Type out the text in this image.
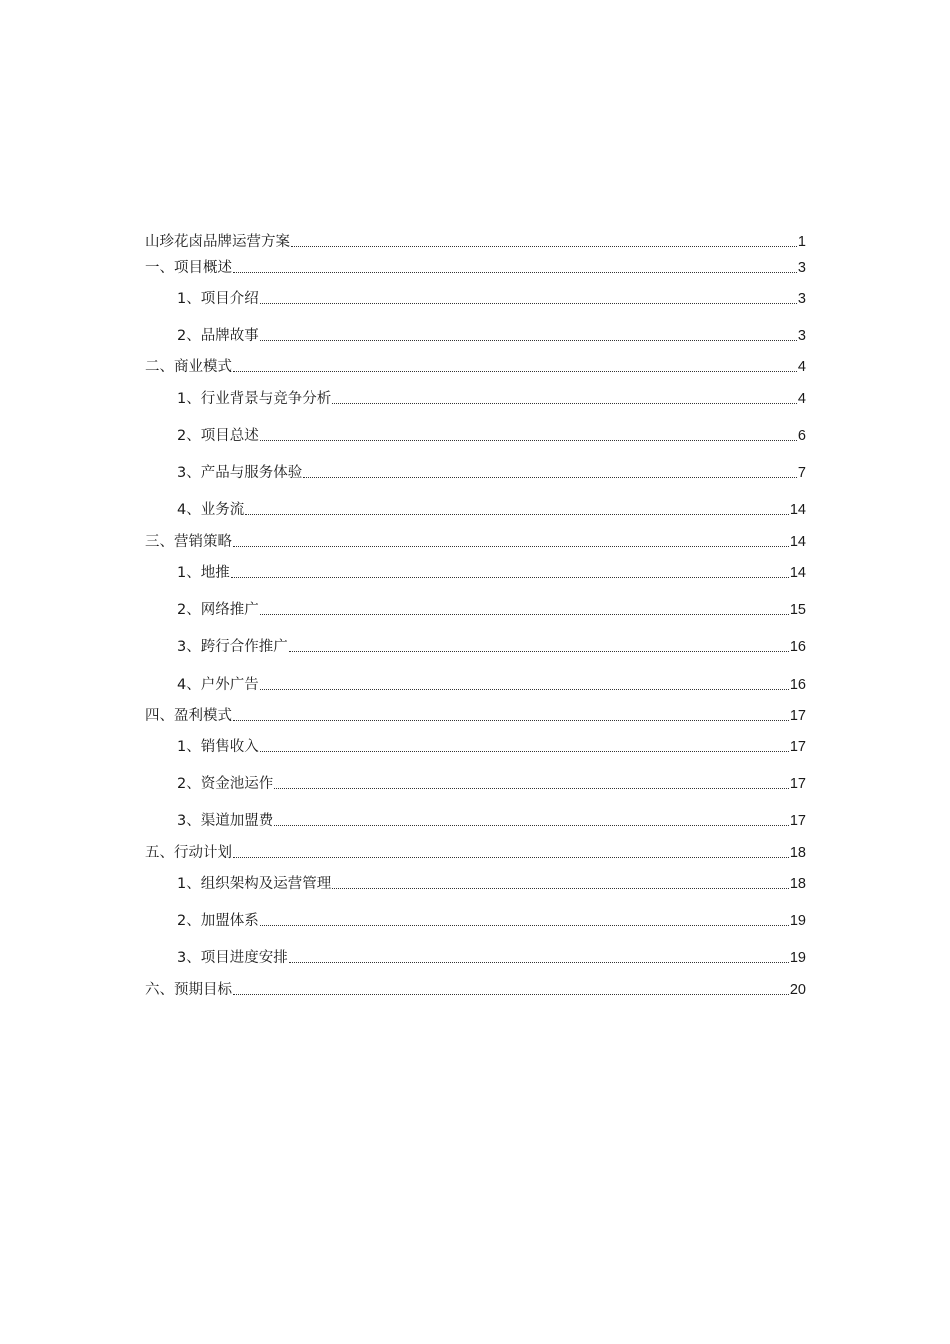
山珍花卤品牌运营方案	1
一、项目概述	3
1、项目介绍	3
2、品牌故事	3
二、商业模式	4
1、行业背景与竞争分析	4
2、项目总述	6
3、产品与服务体验	7
4、业务流	14
三、营销策略	14
1、地推	14
2、网络推广	15
3、跨行合作推广	16
4、户外广告	16
四、盈利模式	17
1、销售收入	17
2、资金池运作	17
3、渠道加盟费	17
五、行动计划	18
1、组织架构及运营管理	18
2、加盟体系	19
3、项目进度安排	19
六、预期目标	20
